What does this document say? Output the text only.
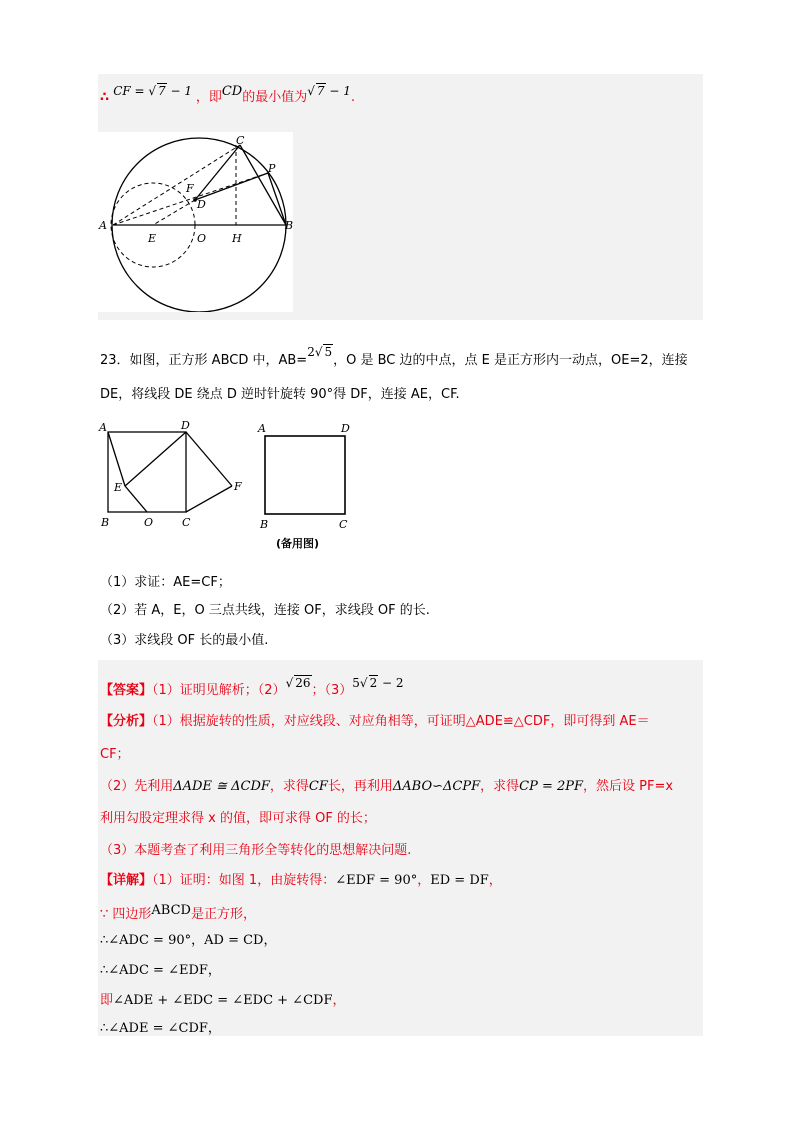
∴ CF = √ 7 − 1 ，即CD的最小值为√ 7 − 1.
C
P
F
D
A
E	O H
B
23．如图，正方形 ABCD 中，AB=2√ 5，O 是 BC 边的中点，点 E 是正方形内一动点，OE=2，连接
DE，将线段 DE 绕点 D 逆时针旋转 90°得 DF，连接 AE，CF.
A	D
E	F
B	O	C
A	D
B	C
(备用图)
（1）求证：AE=CF；
（2）若 A，E，O 三点共线，连接 OF，求线段 OF 的长.
（3）求线段 OF 长的最小值.
【答案】（1）证明见解析；（2）√ 26；（3）5√ 2 − 2
【分析】（1）根据旋转的性质，对应线段、对应角相等，可证明△ADE≌△CDF，即可得到 AE＝
CF；
（2）先利用ΔADE ≅ ΔCDF，求得CF长，再利用ΔABO∽ΔCPF，求得CP = 2PF，然后设 PF=x
利用勾股定理求得 x 的值，即可求得 OF 的长；
（3）本题考查了利用三角形全等转化的思想解决问题.
【详解】（1）证明：如图 1，由旋转得：∠EDF = 90°，ED = DF，
∵ 四边形ABCD是正方形，
∴∠ADC = 90°，AD = CD，
∴∠ADC = ∠EDF，
即∠ADE + ∠EDC = ∠EDC + ∠CDF，
∴∠ADE = ∠CDF，
